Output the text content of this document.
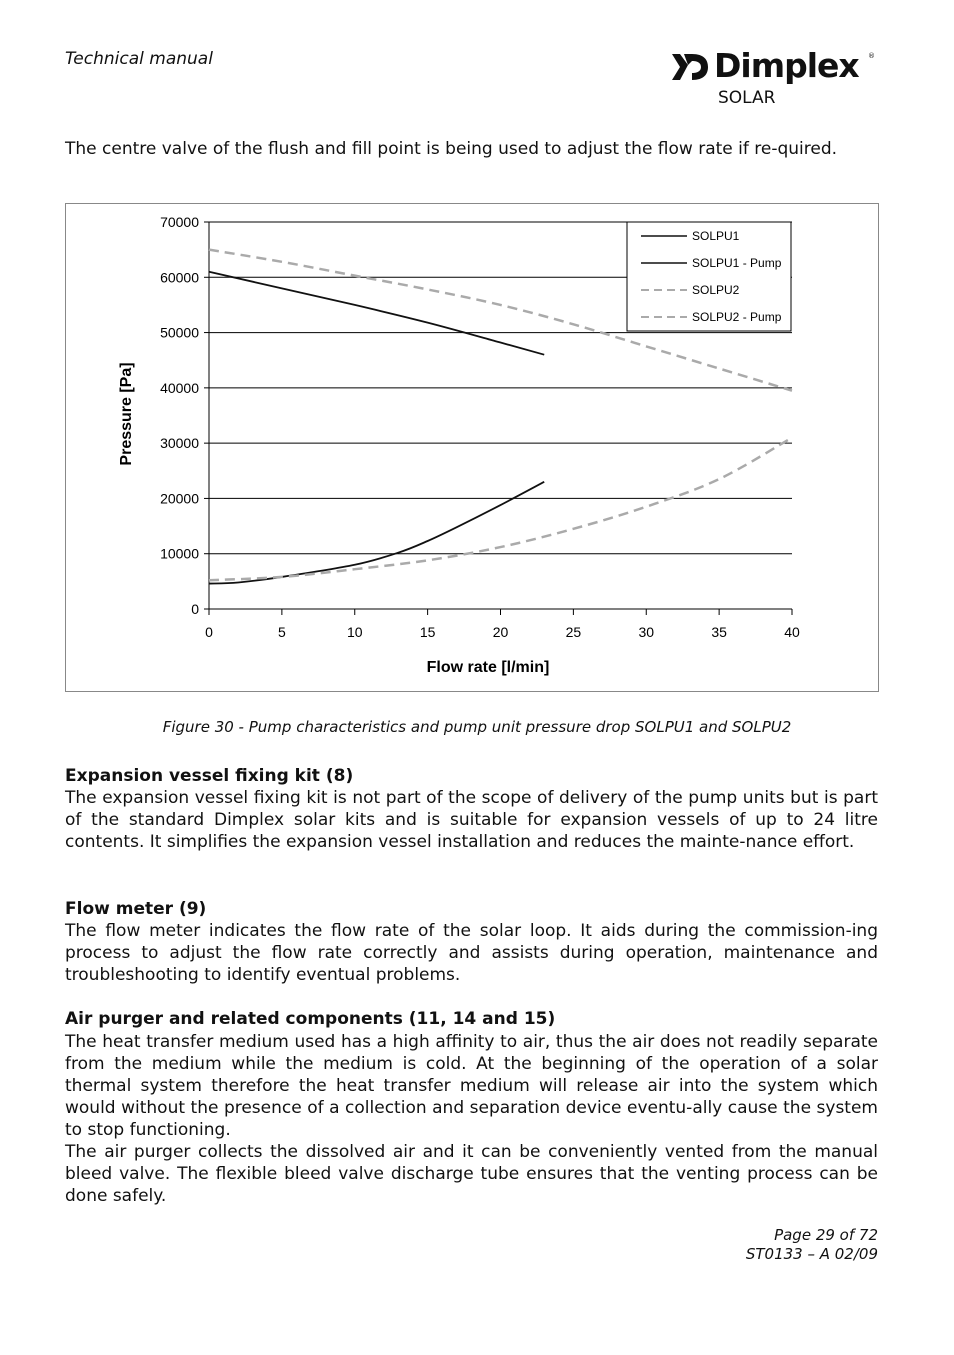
Technical manual	Dimplex ®
SOLAR

The centre valve of the flush and fill point is being used to adjust the flow rate if re-quired.

0
10000
20000
30000
40000
50000
60000
70000
0	5	10	15	20	25	30	35	40
SOLPU1
SOLPU1 - Pump
SOLPU2
SOLPU2 - Pump
Flow rate [l/min]
Pressure [Pa]
Figure 30 - Pump characteristics and pump unit pressure drop SOLPU1 and SOLPU2
Expansion vessel fixing kit (8)

The expansion vessel fixing kit is not part of the scope of delivery of the pump units but is part of the standard Dimplex solar kits and is suitable for expansion vessels of up to 24 litre contents. It simplifies the expansion vessel installation and reduces the mainte-nance effort.

Flow meter (9)

The flow meter indicates the flow rate of the solar loop. It aids during the commission-ing process to adjust the flow rate correctly and assists during operation, maintenance and troubleshooting to identify eventual problems.

Air purger and related components (11, 14 and 15)

The heat transfer medium used has a high affinity to air, thus the air does not readily separate from the medium while the medium is cold. At the beginning of the operation of a solar thermal system therefore the heat transfer medium will release air into the system which would without the presence of a collection and separation device eventu-ally cause the system to stop functioning.

The air purger collects the dissolved air and it can be conveniently vented from the manual bleed valve. The flexible bleed valve discharge tube ensures that the venting process can be done safely.

Page 29 of 72
ST0133 – A 02/09
